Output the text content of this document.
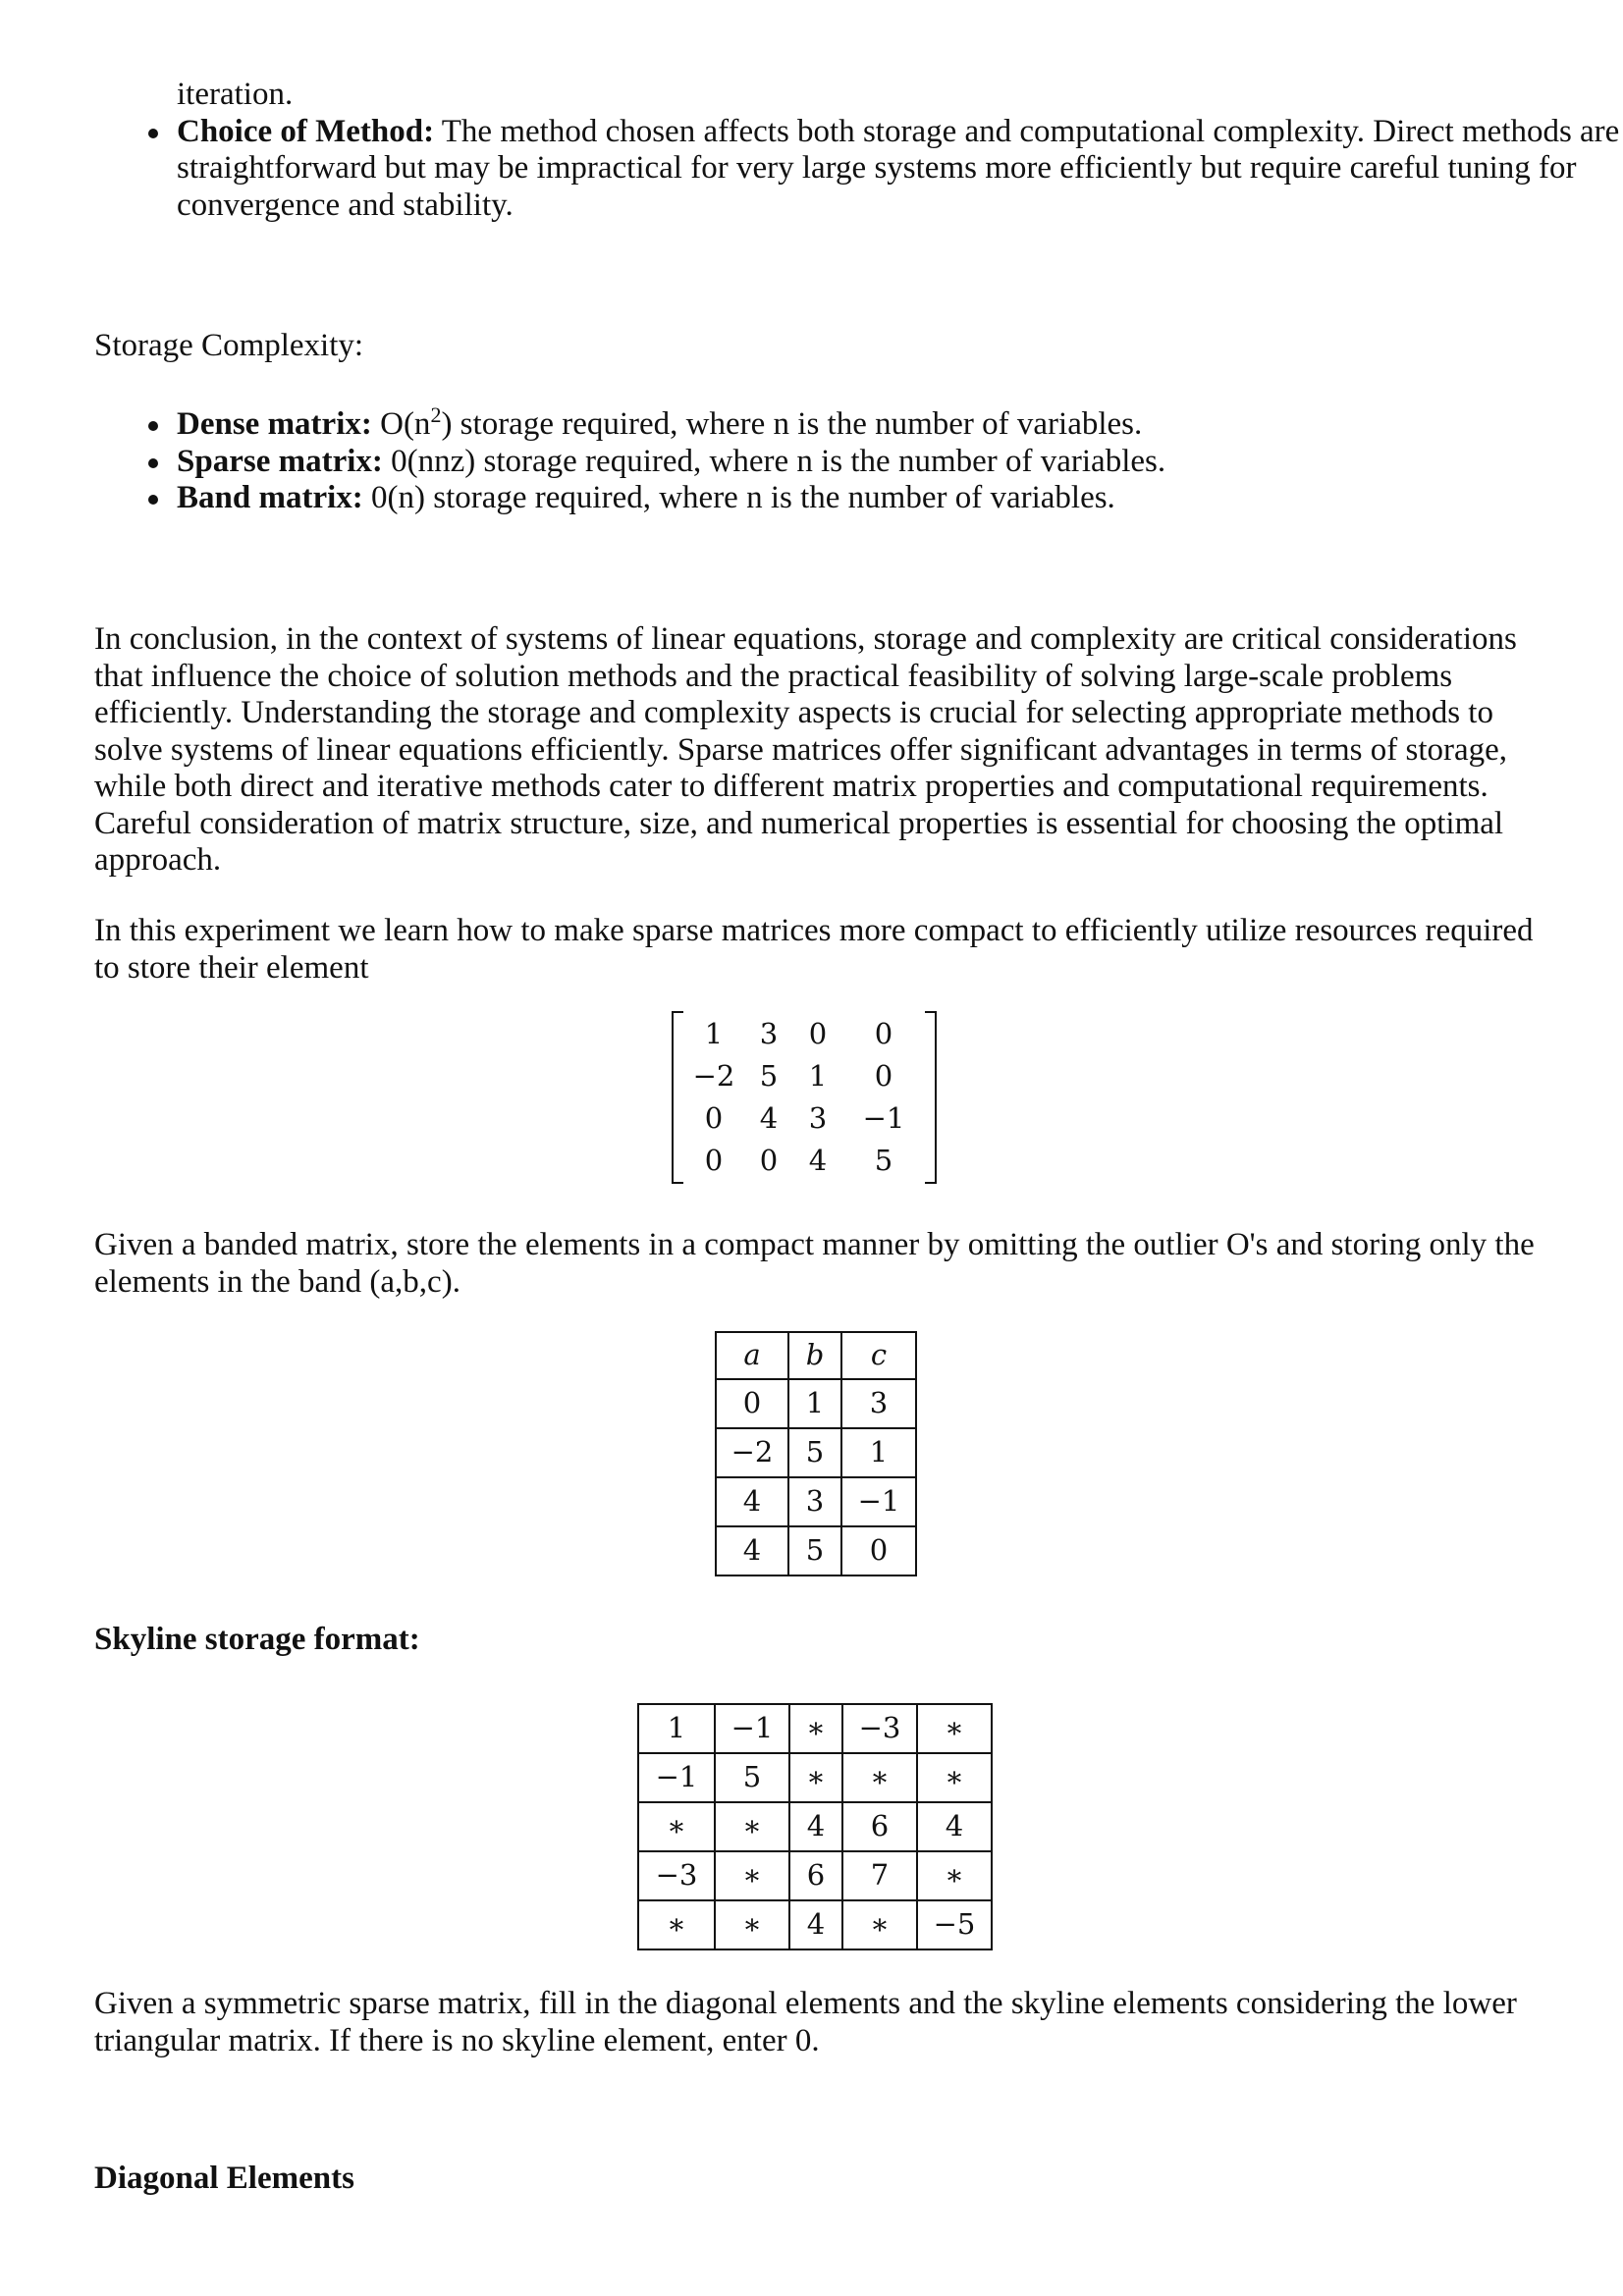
iteration.
Choice of Method: The method chosen affects both storage and computational complexity. Direct methods are straightforward but may be impractical for very large systems more efficiently but require careful tuning for convergence and stability.

Storage Complexity:

Dense matrix: $O(n^2)$ storage required, where n is the number of variables.
Sparse matrix: 0(nnz) storage required, where n is the number of variables.
Band matrix: 0(n) storage required, where n is the number of variables.

In conclusion, in the context of systems of linear equations, storage and complexity are critical considerations that influence the choice of solution methods and the practical feasibility of solving large-scale problems efficiently. Understanding the storage and complexity aspects is crucial for selecting appropriate methods to solve systems of linear equations efficiently. Sparse matrices offer significant advantages in terms of storage, while both direct and iterative methods cater to different matrix properties and computational requirements. Careful consideration of matrix structure, size, and numerical properties is essential for choosing the optimal approach.

In this experiment we learn how to make sparse matrices more compact to efficiently utilize resources required to store their element

1	3	0	0
−2	5	1	0
0	4	3	−1
0	0	4	5

Given a banded matrix, store the elements in a compact manner by omitting the outlier O's and storing only the elements in the band (a,b,c).

a	b	c
0	1	3
−2	5	1
4	3	−1
4	5	0

Skyline storage format:

1	−1	∗	−3	∗
−1	5	∗	∗	∗
∗	∗	4	6	4
−3	∗	6	7	∗
∗	∗	4	∗	−5

Given a symmetric sparse matrix, fill in the diagonal elements and the skyline elements considering the lower triangular matrix. If there is no skyline element, enter 0.

Diagonal Elements
